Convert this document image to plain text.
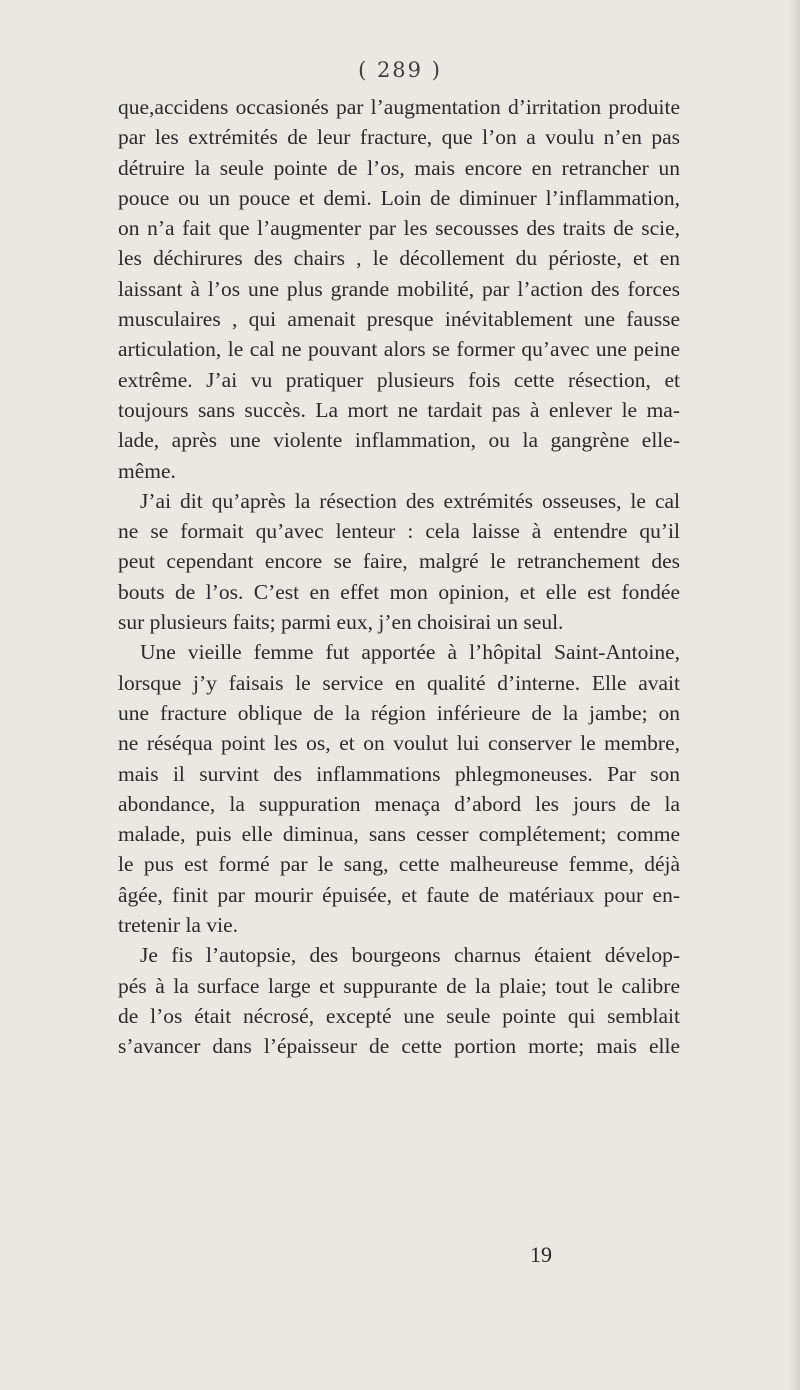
( 289 )
que,accidens occasionés par l’augmentation d’irritation produite
par les extrémités de leur fracture, que l’on a voulu n’en pas
détruire la seule pointe de l’os, mais encore en retrancher un
pouce ou un pouce et demi. Loin de diminuer l’inflammation,
on n’a fait que l’augmenter par les secousses des traits de scie,
les déchirures des chairs , le décollement du périoste, et en
laissant à l’os une plus grande mobilité, par l’action des forces
musculaires , qui amenait presque inévitablement une fausse
articulation, le cal ne pouvant alors se former qu’avec une peine
extrême. J’ai vu pratiquer plusieurs fois cette résection, et
toujours sans succès. La mort ne tardait pas à enlever le ma-
lade, après une violente inflammation, ou la gangrène elle-
même.
J’ai dit qu’après la résection des extrémités osseuses, le cal
ne se formait qu’avec lenteur : cela laisse à entendre qu’il
peut cependant encore se faire, malgré le retranchement des
bouts de l’os. C’est en effet mon opinion, et elle est fondée
sur plusieurs faits; parmi eux, j’en choisirai un seul.
Une vieille femme fut apportée à l’hôpital Saint-Antoine,
lorsque j’y faisais le service en qualité d’interne. Elle avait
une fracture oblique de la région inférieure de la jambe; on
ne réséqua point les os, et on voulut lui conserver le membre,
mais il survint des inflammations phlegmoneuses. Par son
abondance, la suppuration menaça d’abord les jours de la
malade, puis elle diminua, sans cesser complétement; comme
le pus est formé par le sang, cette malheureuse femme, déjà
âgée, finit par mourir épuisée, et faute de matériaux pour en-
tretenir la vie.
Je fis l’autopsie, des bourgeons charnus étaient dévelop-
pés à la surface large et suppurante de la plaie; tout le calibre
de l’os était nécrosé, excepté une seule pointe qui semblait
s’avancer dans l’épaisseur de cette portion morte; mais elle
19
